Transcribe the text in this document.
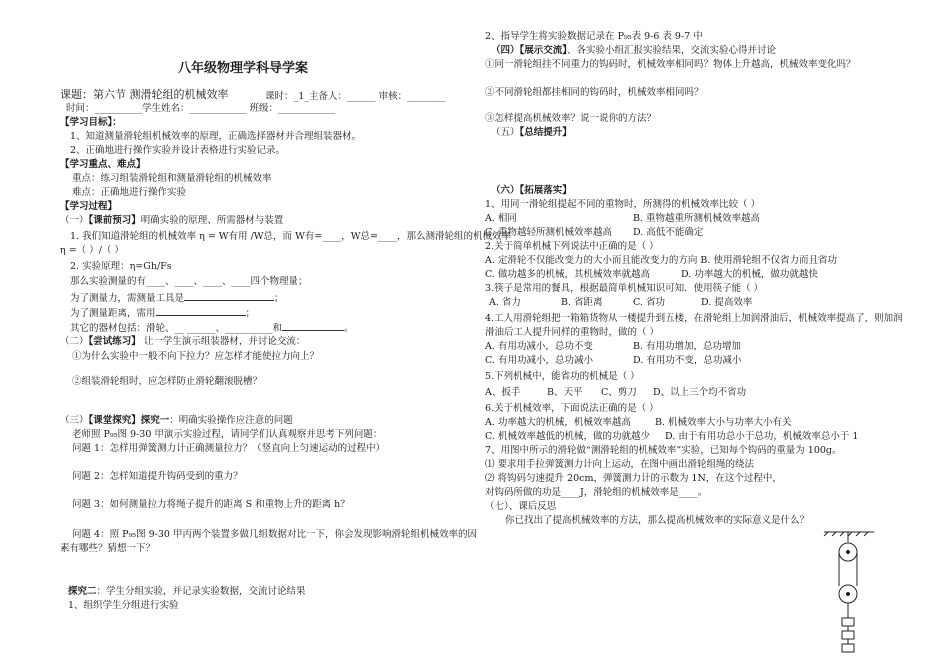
八年级物理学科导学案
课题：第六节 测滑轮组的机械效率	课时：_1_主备人：______ 审核：________
时间：__________学生姓名：____________ 班级：____________
【学习目标】：
1、知道测量滑轮组机械效率的原理，正确选择器材并合理组装器材。
2、正确地进行操作实验并设计表格进行实验记录。
【学习重点、难点】
重点：练习组装滑轮组和测量滑轮组的机械效率
难点：正确地进行操作实验
【学习过程】
（一）【课前预习】明确实验的原理、所需器材与装置
1. 我们知道滑轮组的机械效率 η = W有用 /W总，而 W有=____，W总=____，那么测滑轮组的机械效率
η =（ ）/（ ）
2. 实验原理：η=Gh/Fs
那么实验测量的有____、____、____、____四个物理量；
为了测量力，需测量工具是	；
为了测量距离，需用	；
其它的器材包括：滑轮、__ ______、__________和	。
（二）【尝试练习】 让一学生演示组装器材，并讨论交流：
①为什么实验中一般不向下拉力？应怎样才能使拉力向上？
②组装滑轮组时，应怎样防止滑轮翻滚脱槽？
（三）【课堂探究】探究一：明确实验操作应注意的问题
老师照 P₉₅图 9-30 甲演示实验过程，请同学们认真观察并思考下列问题：
问题 1：怎样用弹簧测力计正确测量拉力？（竖直向上匀速运动的过程中）
问题 2：怎样知道提升钩码受到的重力？
问题 3：如何测量拉力将绳子提升的距离 S 和重物上升的距离 h？
问题 4：照 P₉₅图 9-30 甲丙两个装置多做几组数据对比一下，你会发现影响滑轮组机械效率的因
素有哪些？猜想一下？
探究二：学生分组实验，并记录实验数据，交流讨论结果
1、组织学生分组进行实验
2、指导学生将实验数据记录在 P₉₅表 9-6 表 9-7 中
（四）【展示交流】、各实验小组汇报实验结果，交流实验心得并讨论
①同一滑轮组挂不同重力的钩码时，机械效率相同吗？物体上升越高，机械效率变化吗？
②不同滑轮组都挂相同的钩码时，机械效率相同吗？
③怎样提高机械效率？说一说你的方法？
（五）【总结提升】
（六）【拓展落实】
1、用同一滑轮组提起不同的重物时，所测得的机械效率比较（ ）
A. 相同	B. 重物越重所测机械效率越高
C. 重物越轻所测机械效率越高 D. 高低不能确定
2.关于简单机械下列说法中正确的是（ ）
A. 定滑轮不仅能改变力的大小而且能改变力的方向 B. 使用滑轮组不仅省力而且省功
C. 做功越多的机械，其机械效率就越高	D. 功率越大的机械，做功就越快
3.筷子是常用的餐具，根据最简单机械知识可知．使用筷子能（ ）
A. 省力	B. 省距离	C. 省功	D. 提高效率
4.工人用滑轮组把一箱箱货物从一楼提升到五楼，在滑轮组上加润滑油后，机械效率提高了，则加润
滑油后工人提升同样的重物时，做的（ ）
A. 有用功减小，总功不变	B. 有用功增加，总功增加
C. 有用功减小，总功减小	D. 有用功不变，总功减小
5.下列机械中，能省功的机械是（ ）
A、扳手	B、天平 C、剪刀 D、以上三个均不省功
6.关于机械效率，下面说法正确的是（ ）
A. 功率越大的机械，机械效率越高	B. 机械效率大小与功率大小有关
C. 机械效率越低的机械，做的功就越少 D. 由于有用功总小于总功，机械效率总小于 1
7、用图中所示的滑轮做“测滑轮组的机械效率”实验，已知每个钩码的重量为 100g。
⑴ 要求用手拉弹簧测力计向上运动，在图中画出滑轮组绳的绕法
⑵ 将钩码匀速提升 20cm，弹簧测力计的示数为 1N，在这个过程中，
对钩码所做的功是____J，滑轮组的机械效率是____。
（七）、课后反思
你已找出了提高机械效率的方法，那么提高机械效率的实际意义是什么？
